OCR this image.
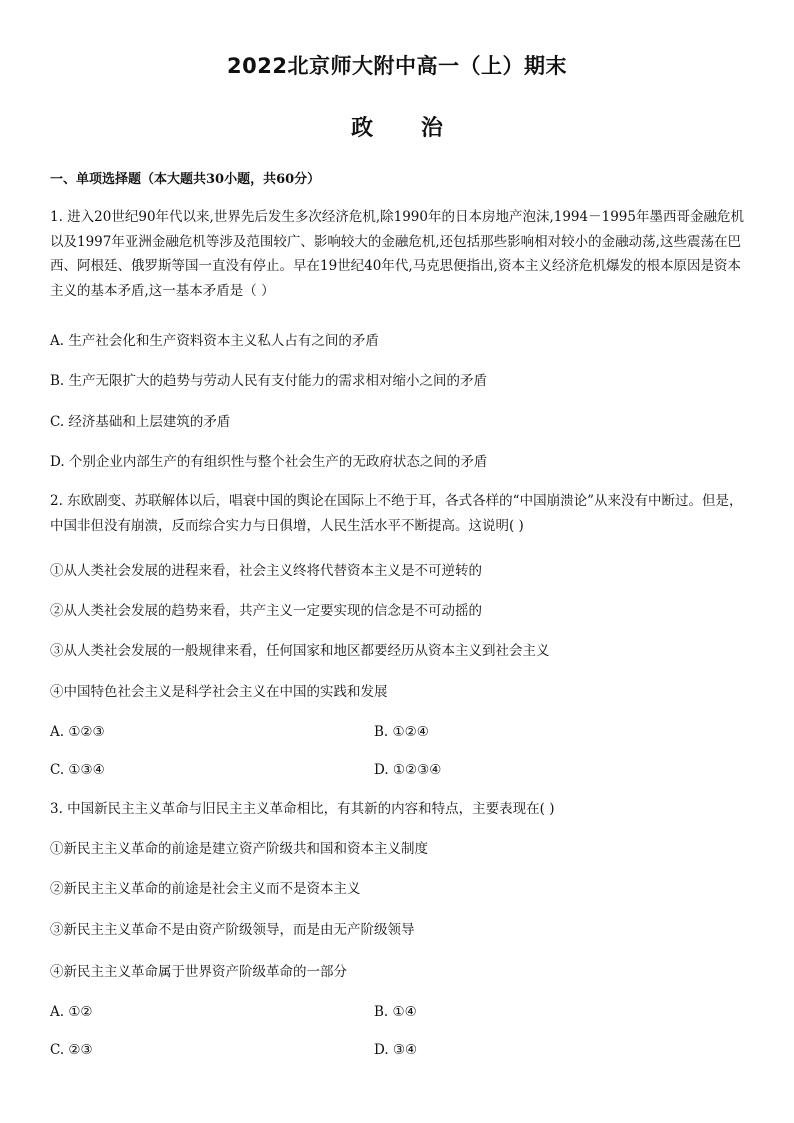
2022北京师大附中高一（上）期末
政 治
一、单项选择题（本大题共30小题，共60分）
1. 进入20世纪90年代以来,世界先后发生多次经济危机,除1990年的日本房地产泡沫,1994－1995年墨西哥金融危机以及1997年亚洲金融危机等涉及范围较广、影响较大的金融危机,还包括那些影响相对较小的金融动荡,这些震荡在巴西、阿根廷、俄罗斯等国一直没有停止。早在19世纪40年代,马克思便指出,资本主义经济危机爆发的根本原因是资本主义的基本矛盾,这一基本矛盾是（ ）
A. 生产社会化和生产资料资本主义私人占有之间的矛盾
B. 生产无限扩大的趋势与劳动人民有支付能力的需求相对缩小之间的矛盾
C. 经济基础和上层建筑的矛盾
D. 个别企业内部生产的有组织性与整个社会生产的无政府状态之间的矛盾
2. 东欧剧变、苏联解体以后，唱衰中国的舆论在国际上不绝于耳，各式各样的“中国崩溃论”从来没有中断过。但是，中国非但没有崩溃，反而综合实力与日俱增，人民生活水平不断提高。这说明( )
①从人类社会发展的进程来看，社会主义终将代替资本主义是不可逆转的
②从人类社会发展的趋势来看，共产主义一定要实现的信念是不可动摇的
③从人类社会发展的一般规律来看，任何国家和地区都要经历从资本主义到社会主义
④中国特色社会主义是科学社会主义在中国的实践和发展
A. ①②③	B. ①②④
C. ①③④	D. ①②③④
3. 中国新民主主义革命与旧民主主义革命相比，有其新的内容和特点，主要表现在( )
①新民主主义革命的前途是建立资产阶级共和国和资本主义制度
②新民主主义革命的前途是社会主义而不是资本主义
③新民主主义革命不是由资产阶级领导，而是由无产阶级领导
④新民主主义革命属于世界资产阶级革命的一部分
A. ①②	B. ①④
C. ②③	D. ③④
